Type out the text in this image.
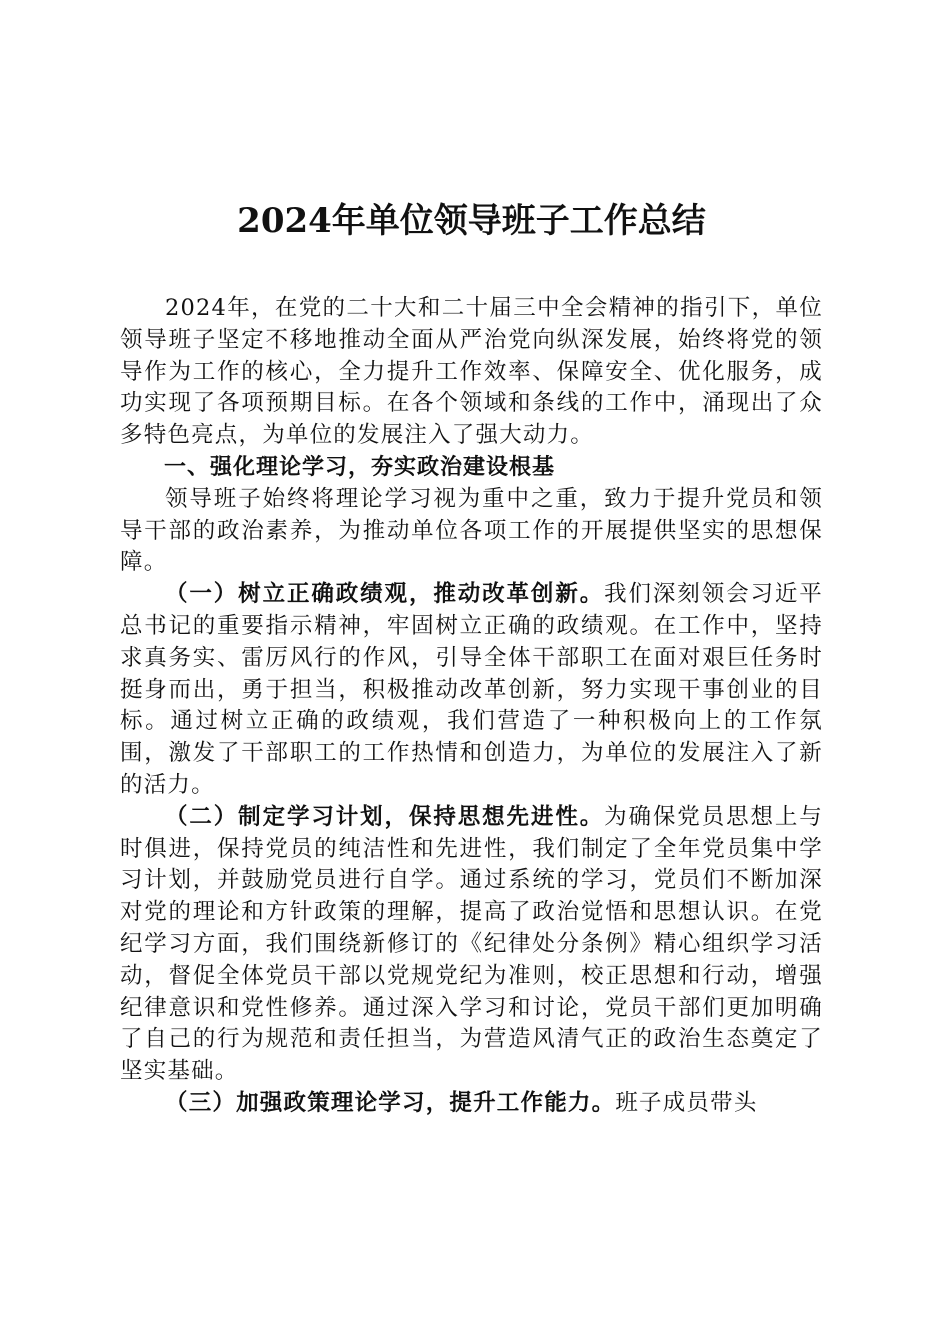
2024年单位领导班子工作总结

2024年，在党的二十大和二十届三中全会精神的指引下，单位领导班子坚定不移地推动全面从严治党向纵深发展，始终将党的领导作为工作的核心，全力提升工作效率、保障安全、优化服务，成功实现了各项预期目标。在各个领域和条线的工作中，涌现出了众多特色亮点，为单位的发展注入了强大动力。

一、强化理论学习，夯实政治建设根基

领导班子始终将理论学习视为重中之重，致力于提升党员和领导干部的政治素养，为推动单位各项工作的开展提供坚实的思想保障。

（一）树立正确政绩观，推动改革创新。我们深刻领会习近平总书记的重要指示精神，牢固树立正确的政绩观。在工作中，坚持求真务实、雷厉风行的作风，引导全体干部职工在面对艰巨任务时挺身而出，勇于担当，积极推动改革创新，努力实现干事创业的目标。通过树立正确的政绩观，我们营造了一种积极向上的工作氛围，激发了干部职工的工作热情和创造力，为单位的发展注入了新的活力。

（二）制定学习计划，保持思想先进性。为确保党员思想上与时俱进，保持党员的纯洁性和先进性，我们制定了全年党员集中学习计划，并鼓励党员进行自学。通过系统的学习，党员们不断加深对党的理论和方针政策的理解，提高了政治觉悟和思想认识。在党纪学习方面，我们围绕新修订的《纪律处分条例》精心组织学习活动，督促全体党员干部以党规党纪为准则，校正思想和行动，增强纪律意识和党性修养。通过深入学习和讨论，党员干部们更加明确了自己的行为规范和责任担当，为营造风清气正的政治生态奠定了坚实基础。

（三）加强政策理论学习，提升工作能力。班子成员带头
